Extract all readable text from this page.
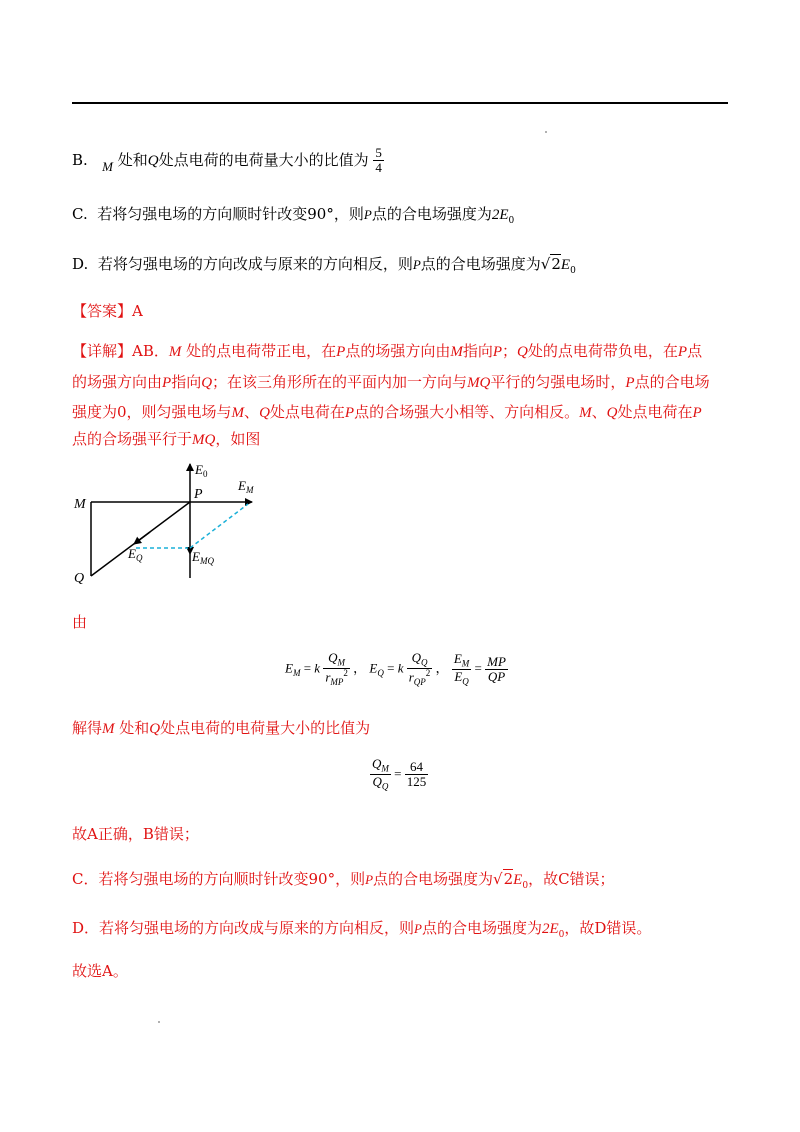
B. M 处和Q处点电荷的电荷量大小的比值为 $\frac{5}{4}$
C. 若将匀强电场的方向顺时针改变90°，则P点的合电场强度为$2E_0$
D. 若将匀强电场的方向改成与原来的方向相反，则P点的合电场强度为$√2E_0$
【答案】A
【详解】AB．M 处的点电荷带正电，在P点的场强方向由M指向P；Q处的点电荷带负电，在P点
的场强方向由P指向Q；在该三角形所在的平面内加一方向与MQ平行的匀强电场时，P点的合电场
强度为0，则匀强电场与M、Q处点电荷在P点的合场强大小相等、方向相反。M、Q处点电荷在P
点的合场强平行于MQ，如图
M
P
Q
$E_0$
$E_M$
$E_Q$	$E_{MQ}$
由
$E_M = k \frac{Q_M}{r_{MP}^2}$ ， $E_Q = k \frac{Q_Q}{r_{QP}^2}$ ， $\frac{E_M}{E_Q} = \frac{MP}{QP}$
解得M 处和Q处点电荷的电荷量大小的比值为
$\frac{Q_M}{Q_Q} = \frac{64}{125}$
故A正确，B错误；
C．若将匀强电场的方向顺时针改变90°，则P点的合电场强度为$√2E_0$，故C错误；
D．若将匀强电场的方向改成与原来的方向相反，则P点的合电场强度为$2E_0$，故D错误。
故选A。
